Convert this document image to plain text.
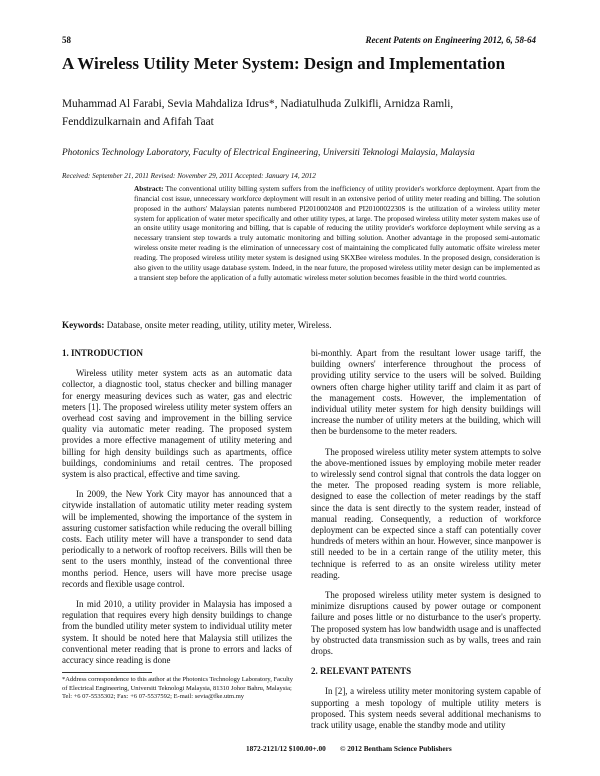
58	Recent Patents on Engineering 2012, 6, 58-64
A Wireless Utility Meter System: Design and Implementation
Muhammad Al Farabi, Sevia Mahdaliza Idrus*, Nadiatulhuda Zulkifli, Arnidza Ramli,
Fenddizulkarnain and Afifah Taat
Photonics Technology Laboratory, Faculty of Electrical Engineering, Universiti Teknologi Malaysia, Malaysia
Received: September 21, 2011 Revised: November 29, 2011 Accepted: January 14, 2012
Abstract: The conventional utility billing system suffers from the inefficiency of utility provider's workforce deployment. Apart from the financial cost issue, unnecessary workforce deployment will result in an extensive period of utility meter reading and billing. The solution proposed in the authors' Malaysian patents numbered PI2010002408 and PI2010002230S is the utilization of a wireless utility meter system for application of water meter specifically and other utility types, at large. The proposed wireless utility meter system makes use of an onsite utility usage monitoring and billing, that is capable of reducing the utility provider's workforce deployment while serving as a necessary transient step towards a truly automatic monitoring and billing solution. Another advantage in the proposed semi-automatic wireless onsite meter reading is the elimination of unnecessary cost of maintaining the complicated fully automatic offsite wireless meter reading. The proposed wireless utility meter system is designed using SKXBee wireless modules. In the proposed design, consideration is also given to the utility usage database system. Indeed, in the near future, the proposed wireless utility meter design can be implemented as a transient step before the application of a fully automatic wireless meter solution becomes feasible in the third world countries.
Keywords: Database, onsite meter reading, utility, utility meter, Wireless.
1. INTRODUCTION

Wireless utility meter system acts as an automatic data collector, a diagnostic tool, status checker and billing manager for energy measuring devices such as water, gas and electric meters [1]. The proposed wireless utility meter system offers an overhead cost saving and improvement in the billing service quality via automatic meter reading. The proposed system provides a more effective management of utility metering and billing for high density buildings such as apartments, office buildings, condominiums and retail centres. The proposed system is also practical, effective and time saving.

In 2009, the New York City mayor has announced that a citywide installation of automatic utility meter reading system will be implemented, showing the importance of the system in assuring customer satisfaction while reducing the overall billing costs. Each utility meter will have a transponder to send data periodically to a network of rooftop receivers. Bills will then be sent to the users monthly, instead of the conventional three months period. Hence, users will have more precise usage records and flexible usage control.

In mid 2010, a utility provider in Malaysia has imposed a regulation that requires every high density buildings to change from the bundled utility meter system to individual utility meter system. It should be noted here that Malaysia still utilizes the conventional meter reading that is prone to errors and lacks of accuracy since reading is done

bi-monthly. Apart from the resultant lower usage tariff, the building owners' interference throughout the process of providing utility service to the users will be solved. Building owners often charge higher utility tariff and claim it as part of the management costs. However, the implementation of individual utility meter system for high density buildings will increase the number of utility meters at the building, which will then be burdensome to the meter readers.

The proposed wireless utility meter system attempts to solve the above-mentioned issues by employing mobile meter reader to wirelessly send control signal that controls the data logger on the meter. The proposed reading system is more reliable, designed to ease the collection of meter readings by the staff since the data is sent directly to the system reader, instead of manual reading. Consequently, a reduction of workforce deployment can be expected since a staff can potentially cover hundreds of meters within an hour. However, since manpower is still needed to be in a certain range of the utility meter, this technique is referred to as an onsite wireless utility meter reading.

The proposed wireless utility meter system is designed to minimize disruptions caused by power outage or component failure and poses little or no disturbance to the user's property. The proposed system has low bandwidth usage and is unaffected by obstructed data transmission such as by walls, trees and rain drops.

2. RELEVANT PATENTS

In [2], a wireless utility meter monitoring system capable of supporting a mesh topology of multiple utility meters is proposed. This system needs several additional mechanisms to track utility usage, enable the standby mode and utility

*Address correspondence to this author at the Photonics Technology Laboratory, Faculty of Electrical Engineering, Universiti Teknologi Malaysia, 81310 Johor Bahru, Malaysia; Tel: +6 07-5535302; Fax: +6 07-5537592; E-mail: sevia@fke.utm.my
1872-2121/12 $100.00+.00 © 2012 Bentham Science Publishers
